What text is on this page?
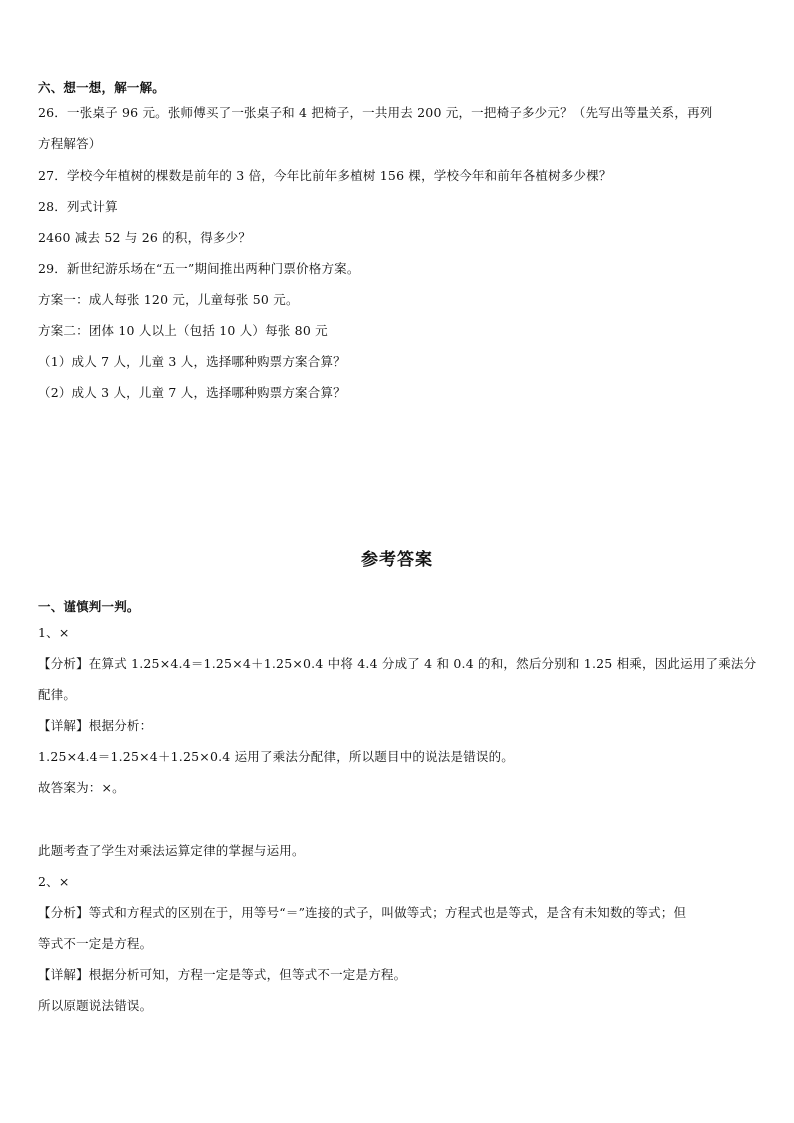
六、想一想，解一解。
26．一张桌子 96 元。张师傅买了一张桌子和 4 把椅子，一共用去 200 元，一把椅子多少元？（先写出等量关系，再列
方程解答）
27．学校今年植树的棵数是前年的 3 倍，今年比前年多植树 156 棵，学校今年和前年各植树多少棵？
28．列式计算
2460 减去 52 与 26 的积，得多少？
29．新世纪游乐场在“五一”期间推出两种门票价格方案。
方案一：成人每张 120 元，儿童每张 50 元。
方案二：团体 10 人以上（包括 10 人）每张 80 元
（1）成人 7 人，儿童 3 人，选择哪种购票方案合算？
（2）成人 3 人，儿童 7 人，选择哪种购票方案合算？
参考答案
一、谨慎判一判。
1、×
【分析】在算式 1.25×4.4＝1.25×4＋1.25×0.4 中将 4.4 分成了 4 和 0.4 的和，然后分别和 1.25 相乘，因此运用了乘法分
配律。
【详解】根据分析：
1.25×4.4＝1.25×4＋1.25×0.4 运用了乘法分配律，所以题目中的说法是错误的。
故答案为：×。
此题考查了学生对乘法运算定律的掌握与运用。
2、×
【分析】等式和方程式的区别在于，用等号“＝”连接的式子，叫做等式；方程式也是等式，是含有未知数的等式；但
等式不一定是方程。
【详解】根据分析可知，方程一定是等式，但等式不一定是方程。
所以原题说法错误。
